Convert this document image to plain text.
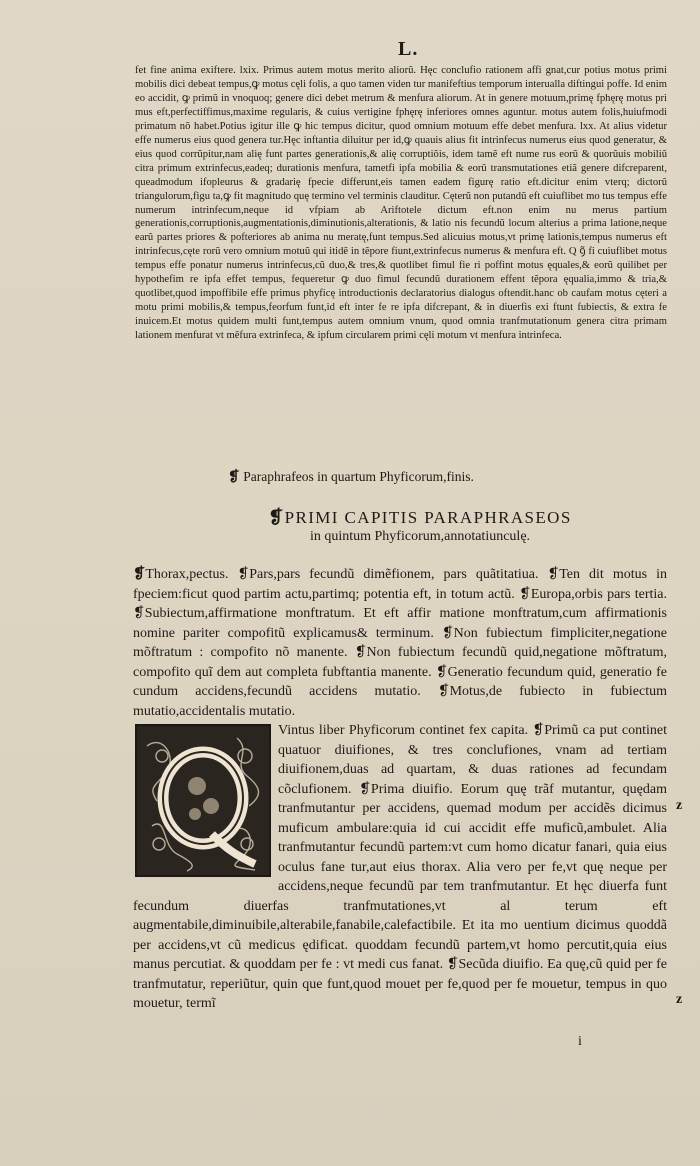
L.

fet fine anima exiftere. lxix. Primus autem motus merito aliorũ. Hęc conclufio rationem affi gnat,cur potius motus primi mobilis dici debeat tempus,ꝙ motus cęli folis, a quo tamen viden tur manifeftius temporum interualla diftingui poffe. Id enim eo accidit, ꝙ primũ in vnoquoq; genere dici debet metrum & menfura aliorum. At in genere motuum,primę fphęrę motus pri mus eft,perfectiffimus,maxime regularis, & cuius vertigine fphęrę inferiores omnes aguntur. motus autem folis,huiufmodi primatum nõ habet.Potius igitur ille ꝙ hic tempus dicitur, quod omnium motuum effe debet menfura. lxx. At alius videtur effe numerus eius quod genera tur.Hęc inftantia diluitur per id,ꝙ quauis alius fit intrinfecus numerus eius quod generatur, & eius quod corrũpitur,nam alię funt partes generationis,& alię corruptiõis, idem tamẽ eft nume rus eorũ & quorũuis mobiliũ citra primum extrinfecus,eadeq; durationis menfura, tametfi ipfa mobilia & eorũ transmutationes etiã genere difcreparent, queadmodum ifopleurus & gradarię fpecie differunt,eis tamen eadem figurę ratio eft.dicitur enim vterq; dictorũ triangulorum,figu ta,ꝙ fit magnitudo quę termino vel terminis clauditur. Cęterũ non putandũ eft cuiuflibet mo tus tempus effe numerum intrinfecum,neque id vfpiam ab Ariftotele dictum eft.non enim nu merus partium generationis,corruptionis,augmentationis,diminutionis,alterationis, & latio nis fecundũ locum alterius a prima latione,neque earũ partes priores & pofteriores ab anima nu meratę,funt tempus.Sed alicuius motus,vt primę lationis,tempus numerus eft intrinfecus,cęte rorũ vero omnium motuũ qui itidẽ in tẽpore fiunt,extrinfecus numerus & menfura eft. Q ꝯ̃ fi cuiuflibet motus tempus effe ponatur numerus intrinfecus,cũ duo,& tres,& quotlibet fimul fie ri poffint motus ęquales,& eorũ quilibet per hypothefim re ipfa effet tempus, fequeretur ꝙ duo fimul fecundũ durationem effent tẽpora ęqualia,immo & tria,& quotlibet,quod impoffibile effe primus phyficę introductionis declaratorius dialogus oftendit.hanc ob caufam motus cęteri a motu primi mobilis,& tempus,feorfum funt,id eft inter fe re ipfa difcrepant, & in diuerfis exi ftunt fubiectis, & extra fe inuicem.Et motus quidem multi funt,tempus autem omnium vnum, quod omnia tranfmutationum genera citra primam lationem menfurat vt mẽfura extrinfeca, & ipfum circularem primi cęli motum vt menfura intrinfeca.

❡ Paraphrafeos in quartum Phyficorum,finis.
❡PRIMI CAPITIS PARAPHRASEOS
in quintum Phyficorum,annotatiunculę.

❡Thorax,pectus. ❡Pars,pars fecundũ dimẽfionem, pars quãtitatiua. ❡Ten dit motus in fpeciem:ficut quod partim actu,partimq; potentia eft, in totum actũ. ❡Europa,orbis pars tertia. ❡Subiectum,affirmatione monftratum. Et eft affir matione monftratum,cum affirmationis nomine pariter compofitũ explicamus& terminum. ❡Non fubiectum fimpliciter,negatione mõftratum : compofito nõ manente. ❡Non fubiectum fecundũ quid,negatione mõftratum, compofito quĩ dem aut completa fubftantia manente. ❡Generatio fecundum quid, generatio fe cundum accidens,fecundũ accidens mutatio. ❡Motus,de fubiecto in fubiectum mutatio,accidentalis mutatio.

Vintus liber Phyficorum continet fex capita. ❡Primũ ca put continet quatuor diuifiones, & tres conclufiones, vnam ad tertiam diuifionem,duas ad quartam, & duas rationes ad fecundam cõclufionem. ❡Prima diuifio. Eorum quę trãf mutantur, quędam tranfmutantur per accidens, quemad modum per accidẽs dicimus muficum ambulare:quia id cui accidit effe muficũ,ambulet. Alia tranfmutantur fecundũ partem:vt cum homo dicatur fanari, quia eius oculus fane tur,aut eius thorax. Alia vero per fe,vt quę neque per accidens,neque fecundũ par tem tranfmutantur. Et hęc diuerfa funt fecundum diuerfas tranfmutationes,vt al terum eft augmentabile,diminuibile,alterabile,fanabile,calefactibile. Et ita mo uentium dicimus quoddã per accidens,vt cũ medicus ędificat. quoddam fecundũ partem,vt homo percutit,quia eius manus percutiat. & quoddam per fe : vt medi cus fanat. ❡Secũda diuifio. Ea quę,cũ quid per fe tranfmutatur, reperiũtur, quin que funt,quod mouet per fe,quod per fe mouetur, tempus in quo mouetur, termĩ

z
z
i
